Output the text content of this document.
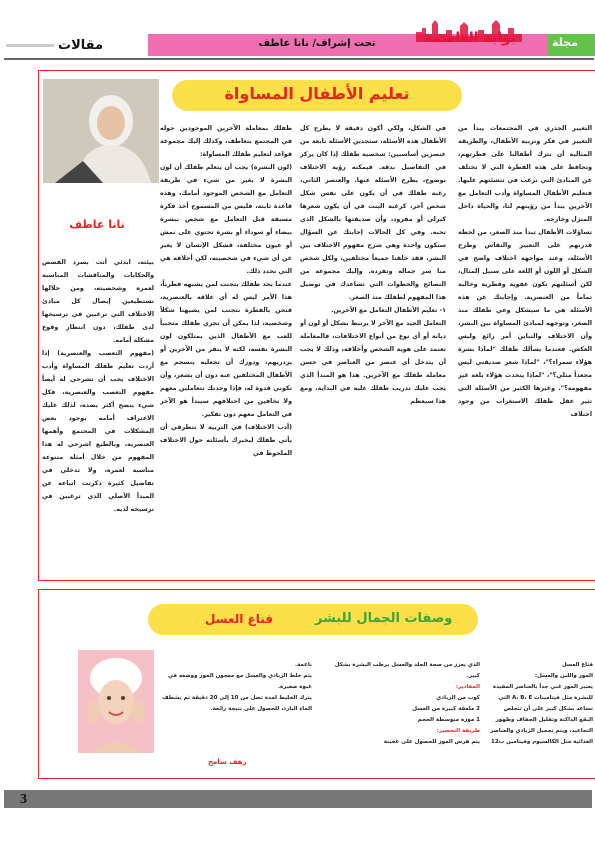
مجلة
بوابة العاصمة
تحت إشراف/ نانا عاطف
مقالات
تعليم الأطفال المساواة
نانا عاطف

التغيير الجذري في المجتمعات يبدأ من التغيير في فكر وتربية الأطفال، والطريقة المثالية أن نترك أطفالنا على فطرتهم، ونحافظ على هذه الفطرة التي لا تختلف عن المبادئ التي نرغب في تنشئتهم عليها. فتعليم الأطفال المساواة وأدب التعامل مع الآخرين يبدأ من رؤيتهم لنا، والحياة داخل المنزل وخارجه.

تساؤلات الأطفال تبدأ منذ الصغر، من لحظة قدرتهم على التعبير والنقاش وطرح الأسئلة، وعند مواجهة اختلاف واضح في الشكل أو اللون أو اللغة على سبيل المثال، لكن أسئلتهم تكون عفوية وفطرية وخالية تماماً من العنصرية. وإجابتك عن هذه الأسئلة هي ما سيشكل وعي طفلك منذ الصغر، وتوجهه لمبادئ المساواة بين البشر، وأن الاختلاف والتباين أمر رائع وليس العكس. فعندما يسألك طفلك "لماذا بشرة هؤلاء سمراء؟"، "لماذا شعر صديقتي ليس مجعداً مثلي؟"، "لماذا يتحدث هؤلاء بلغة غير مفهومة؟". وغيرها الكثير من الأسئلة التي تثير عقل طفلك الاستغراب من وجود اختلاف

في الشكل، ولكي أكون دقيقة لا يطرح كل الأطفال هذه الأسئلة، ستجدين الأسئلة نابعة من عنصرين أساسيين: شخصية طفلك إذا كان يركز في التفاصيل بدقة. فيمكنه رؤية الاختلاف بوضوح، يطرح الأسئلة عنها. والعنصر الثاني، رغبة طفلك في أن يكون على نفس شكل شخص آخر، كرغبة البنت في أن يكون شعرها كيرلي أو مفرود، وأن صديقتها بالشكل الذي تحبه. وفي كل الحالات إجابتك عن السؤال ستكون واحدة وهي شرح مفهوم الاختلاف بين البشر، فقد خلقنا جميعاً مختلفين، ولكل شخص منا سر جماله وتفرده. وإليك مجموعة من النصائح والخطوات التي تساعدك في توصيل هذا المفهوم لطفلك منذ الصغر.

١- تعليم الأطفال التعامل مع الآخرين.

التعامل الجيد مع الآخر لا يرتبط بشكل أو لون أو ديانة أو أي نوع من أنواع الاختلافات، فالمعاملة تعتمد على هوية الشخص وأخلاقه، وذلك لا يجب أن يتدخل أي عنصر من العناصر في حسن معاملة طفلك مع الآخرين. هذا هو المبدأ الذي يجب عليك تدريب طفلك عليه في البداية، ومع هذا سيعظم

طفلك بمعاملة الآخرين الموجودين حوله في المجتمع بتعاطف، وكذلك إليك مجموعة قواعد لتعليم طفلك المساواة:

(لون البشرة) يجب أن يتعلم طفلك أن لون البشرة لا يغير من شيء في طريقة التعامل مع الشخص الموجود أمامك، وهذه قاعدة ثابتة، فليس من المسموح أخذ فكرة مسبقة قبل التعامل مع شخص ببشرة بيضاء أو سوداء أو بشرة تحتوي على نمش أو عيون مختلفة، فشكل الإنسان لا يعبر عن أي شيء في شخصيته، لكن أخلاقه هي التي تحدد ذلك.

عندما يجد طفلك يتجنب لمن يشبهه فطرياً، هذا الأمر ليس له أي علاقة بالعنصرية، فنحن بالفطرة نتجنب لمن يشبهنا شكلاً وشخصية، لذا يمكن أن تجري طفلك متجنباً للعب مع الأطفال الذين يمتلكون لون البشرة نفسه، لكنه لا ينفر من الآخرين أو يزدريهم، ودورك أن تجعليه ينسجم مع الأطفال المختلفين عنه دون أن يشعر، وأن تكوني قدوة له، فإذا وجدتك تتعاملين معهم ولا تخافين من اختلافهم سيبدأ هو الآخر في التعامل معهم دون تفكير.

(أدب الاختلاف) في التربية لا تتطرقي أن يأتي طفلك ليخبرك بأسئلته حول الاختلاف الملحوظ في

بيئته، ابدئي أنت بسرد القصص والحكايات والمناقشات المناسبة لعمره وشخصيته، ومن خلالها تستطيعين إيصال كل مبادئ الاختلاف التي ترغبين في ترسيخها لدى طفلك، دون انتظار وقوع مشكلة أمامه.

(مفهوم التعصب والعنصرية) إذا أردت تعليم طفلك المساواة وأدب الاختلاف يجب أن تشرحي له أيضاً مفهوم التعصب والعنصرية، فكل شيء يتضح أكثر بضده، لذلك عليك الاعتراف أمامه بوجود بعض المشكلات في المجتمع وأهمها العنصرية، وبالطبع اشرحي له هذا المفهوم من خلال أمثلة متنوعة مناسبة لعمره، ولا تدخلي في تفاصيل كثيرة ذكرتت اتباعه عن المبدأ الأصلي الذي ترغبين في ترسيخه لديه.

وصفات الجمال للبشر
قناع العسل

قناع العسل

الموز واللبن والعسل:

يعتبر الموز غني جداً بالعناصر المفيدة للبشرة مثل فيتامينات A، B، E التي تساعد بشكل كبير على أن تتخلص البقع الداكنة وتقليل الجفاف وظهور التجاعيد، ويتم تجميل الزبادي والعناصر الغذائية مثل الكالسيوم وفيتامين ب12

الذي يعزز من صحة الجلد والعسل يرطب البشرة بشكل كبير.

المقادير:

كوب من الزبادي

2 ملعقة كبيرة من العسل

1 موزة متوسطة الحجم

طريقة التحضير:

يتم هرس الموز للحصول على عجينة

ناعمة.

يتم خلط الزبادي والعسل مع معجون الموز ووضعه في عبوة صغيرة.

يترك الخليط لمدة تصل من 10 إلى 20 دقيقة ثم يشطف الماء البارد، للحصول على نتيجة رائعة.

رهف سامح
3
